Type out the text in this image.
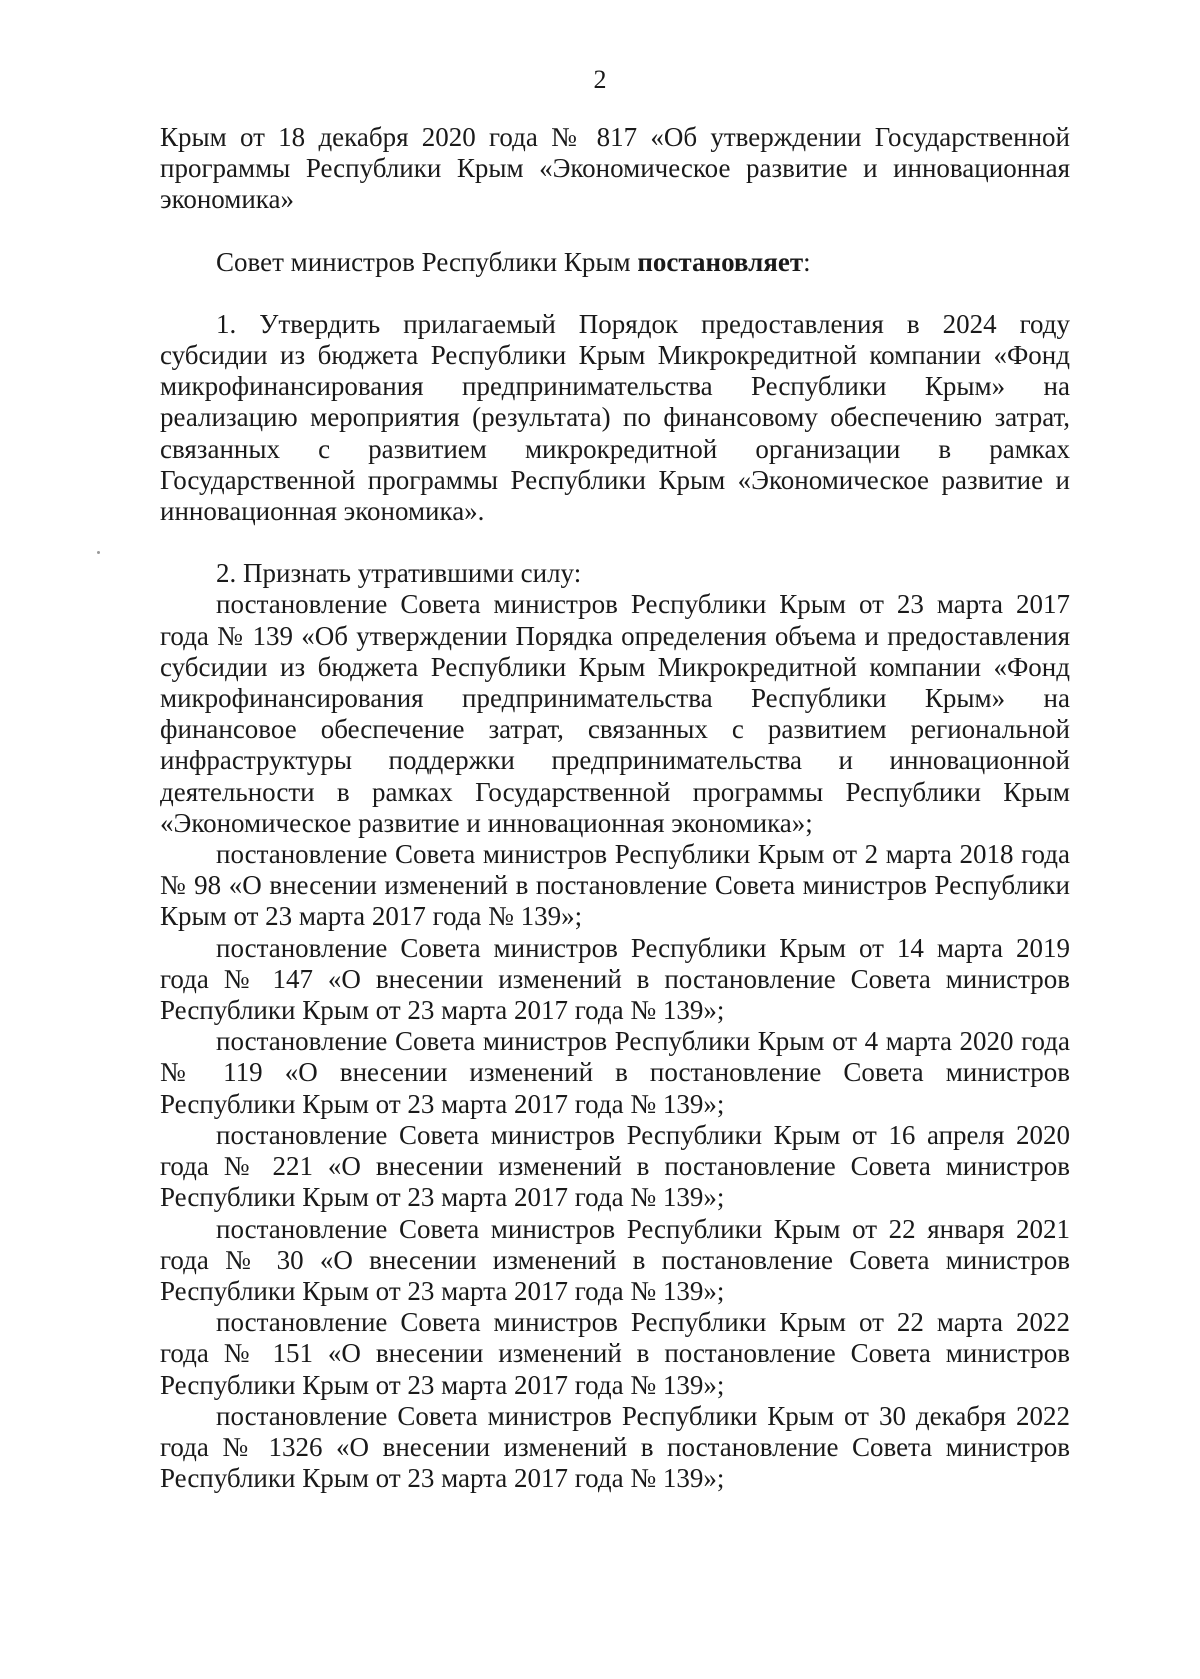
2

Крым от 18 декабря 2020 года № 817 «Об утверждении Государственной программы Республики Крым «Экономическое развитие и инновационная экономика»

Совет министров Республики Крым постановляет:

1. Утвердить прилагаемый Порядок предоставления в 2024 году субсидии из бюджета Республики Крым Микрокредитной компании «Фонд микрофинансирования предпринимательства Республики Крым» на реализацию мероприятия (результата) по финансовому обеспечению затрат, связанных с развитием микрокредитной организации в рамках Государственной программы Республики Крым «Экономическое развитие и инновационная экономика».

2. Признать утратившими силу:

постановление Совета министров Республики Крым от 23 марта 2017 года № 139 «Об утверждении Порядка определения объема и предоставления субсидии из бюджета Республики Крым Микрокредитной компании «Фонд микрофинансирования предпринимательства Республики Крым» на финансовое обеспечение затрат, связанных с развитием региональной инфраструктуры поддержки предпринимательства и инновационной деятельности в рамках Государственной программы Республики Крым «Экономическое развитие и инновационная экономика»;

постановление Совета министров Республики Крым от 2 марта 2018 года № 98 «О внесении изменений в постановление Совета министров Республики Крым от 23 марта 2017 года № 139»;

постановление Совета министров Республики Крым от 14 марта 2019 года № 147 «О внесении изменений в постановление Совета министров Республики Крым от 23 марта 2017 года № 139»;

постановление Совета министров Республики Крым от 4 марта 2020 года № 119 «О внесении изменений в постановление Совета министров Республики Крым от 23 марта 2017 года № 139»;

постановление Совета министров Республики Крым от 16 апреля 2020 года № 221 «О внесении изменений в постановление Совета министров Республики Крым от 23 марта 2017 года № 139»;

постановление Совета министров Республики Крым от 22 января 2021 года № 30 «О внесении изменений в постановление Совета министров Республики Крым от 23 марта 2017 года № 139»;

постановление Совета министров Республики Крым от 22 марта 2022 года № 151 «О внесении изменений в постановление Совета министров Республики Крым от 23 марта 2017 года № 139»;

постановление Совета министров Республики Крым от 30 декабря 2022 года № 1326 «О внесении изменений в постановление Совета министров Республики Крым от 23 марта 2017 года № 139»;
